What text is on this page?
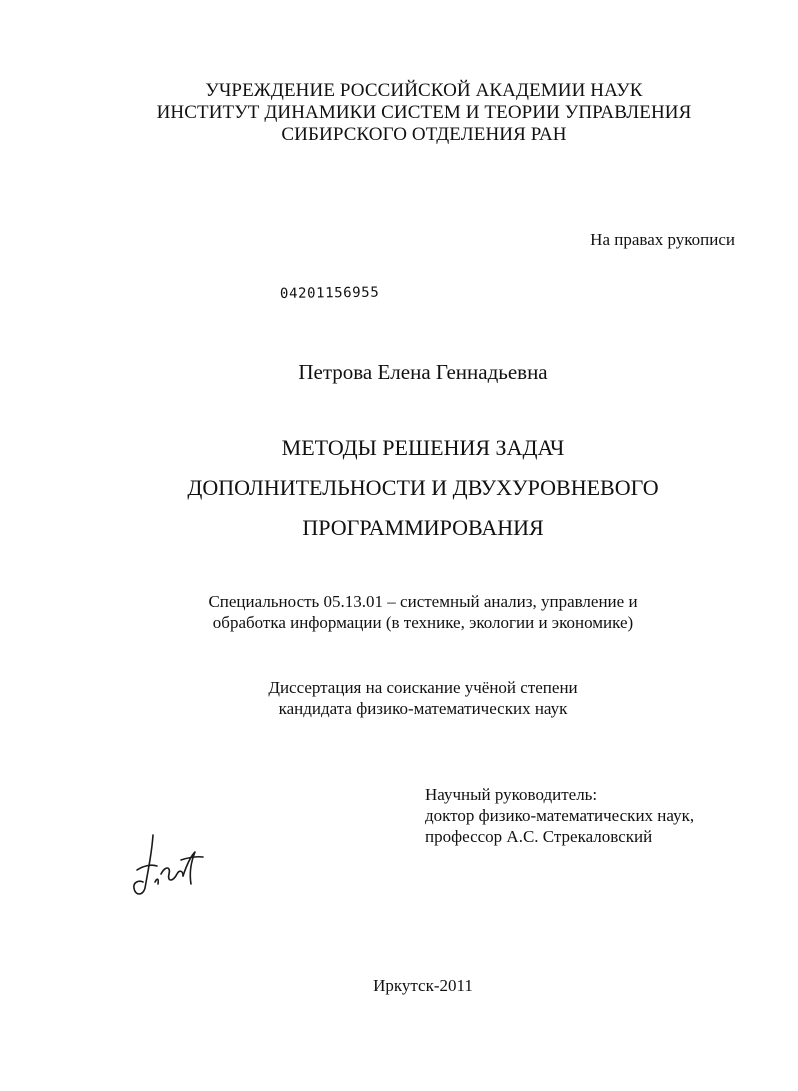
УЧРЕЖДЕНИЕ РОССИЙСКОЙ АКАДЕМИИ НАУК
ИНСТИТУТ ДИНАМИКИ СИСТЕМ И ТЕОРИИ УПРАВЛЕНИЯ
СИБИРСКОГО ОТДЕЛЕНИЯ РАН
На правах рукописи
04201156955
Петрова Елена Геннадьевна
МЕТОДЫ РЕШЕНИЯ ЗАДАЧ
ДОПОЛНИТЕЛЬНОСТИ И ДВУХУРОВНЕВОГО
ПРОГРАММИРОВАНИЯ
Специальность 05.13.01 – системный анализ, управление и
обработка информации (в технике, экологии и экономике)
Диссертация на соискание учёной степени
кандидата физико-математических наук
Научный руководитель:
доктор физико-математических наук,
профессор А.С. Стрекаловский
Иркутск-2011
